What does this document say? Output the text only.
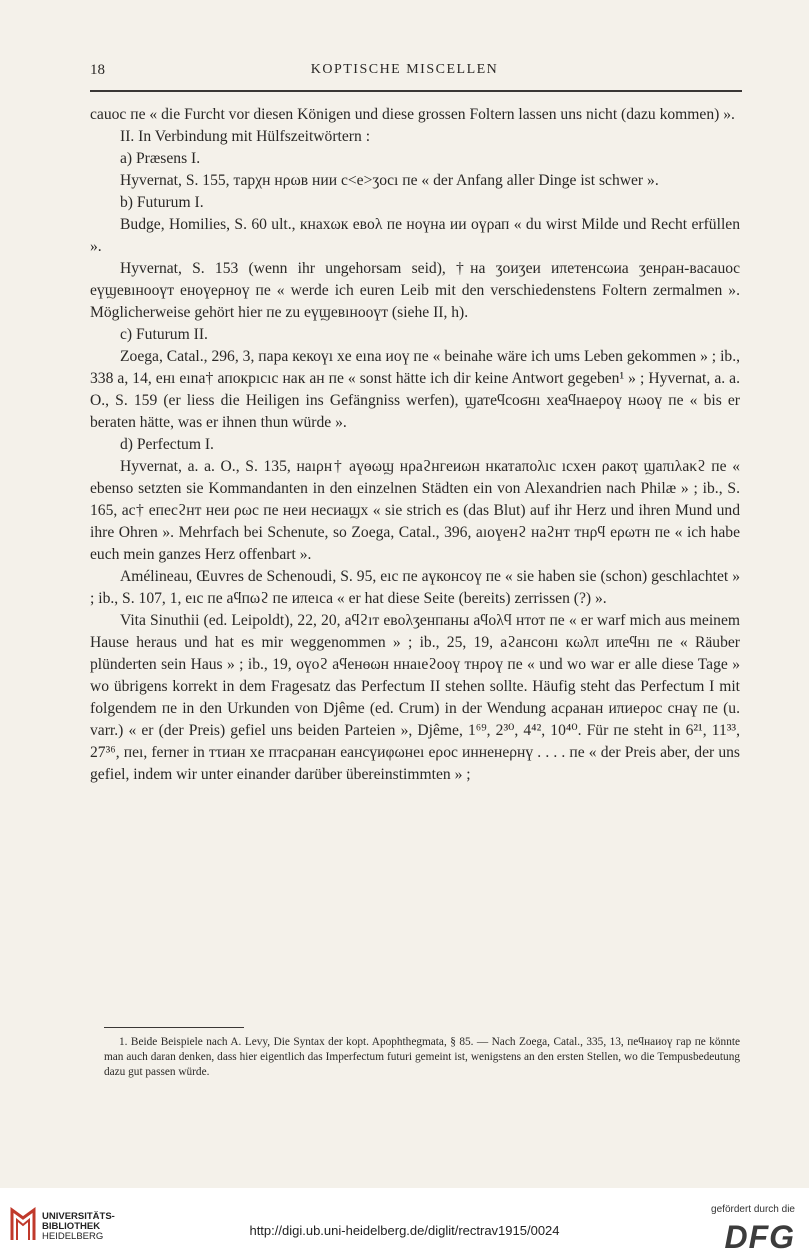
18	KOPTISCHE MISCELLEN

cauoc пe « die Furcht vor diesen Königen und diese grossen Foltern lassen uns nicht (dazu kommen) ».

II. In Verbindung mit Hülfszeitwörtern :

a) Præsens I.

Hyvernat, S. 155, тарχн нρωв нии c<e>ʒocı пe « der Anfang aller Dinge ist schwer ».

b) Futurum I.

Budge, Homilies, S. 60 ult., кнахωк eвολ пe ноүна ии оүρап « du wirst Milde und Recht erfüllen ».

Hyvernat, S. 153 (wenn ihr ungehorsam seid), †на ʒоиʒeи иπeтeнcωиа ʒeнρaн-вacauoc eүϣeвıнооүт eноүeρноү пe « werde ich euren Leib mit den verschiedenstens Foltern zermalmen ». Möglicherweise gehört hier пe zu eүϣeвıнооүт (siehe II, h).

c) Futurum II.

Zoega, Catal., 296, 3, пара кекоүı xe eına иоү пe « beinahe wäre ich ums Leben gekommen » ; ib., 338 a, 14, eнı eına† aпокрıcıc нак ан пe « sonst hätte ich dir keine Antwort gegeben¹ » ; Hyvernat, a. a. O., S. 159 (er liess die Heiligen ins Gefängniss werfen), ϣатeϥcoϭнı xeaϥнаeρоү нωоү пe « bis er beraten hätte, was er ihnen thun würde ».

d) Perfectum I.

Hyvernat, a. a. O., S. 135, наıρн† аүөωϣ нρаϩнгeиωн нкатаπολıc ıcxeн ρакоҭ ϣаπıλаκϩ пe « ebenso setzten sie Kommandanten in den einzelnen Städten ein von Alexandrien nach Philæ » ; ib., S. 165, ac† eпeсϩнт нeи ρωc пe нeи нeсиаϣх « sie strich es (das Blut) auf ihr Herz und ihren Mund und ihre Ohren ». Mehrfach bei Schenute, so Zoega, Catal., 396, аıоүeнϩ наϩнт тнρϥ eρωтн пe « ich habe euch mein ganzes Herz offenbart ».

Amélineau, Œuvres de Schenoudi, S. 95, eıc пe аүконсоү пe « sie haben sie (schon) geschlachtet » ; ib., S. 107, 1, eıc пe аϥпωϩ пe иπeıca « er hat diese Seite (bereits) zerrissen (?) ».

Vita Sinuthii (ed. Leipoldt), 22, 20, аϥϩıт eвολʒeнпаны аϥολϥ нтот пe « er warf mich aus meinem Hause heraus und hat es mir weggenommen » ; ib., 25, 19, аϩaнcонı кωλπ иπeϥнı пe « Räuber plünderten sein Haus » ; ib., 19, оүоϩ аϥeнөωн ннаıeϩооү тнρоү пe « und wo war er alle diese Tage » wo übrigens korrekt in dem Fragesatz das Perfectum II stehen sollte. Häufig steht das Perfectum I mit folgendem пe in den Urkunden von Djême (ed. Crum) in der Wendung acρанан иπиeρoc cнаү пe (u. varr.) « er (der Preis) gefiel uns beiden Parteien », Djême, 1⁶⁹, 2³⁰, 4⁴², 10⁴⁰. Für пe steht in 6²¹, 11³³, 27³⁶, пeı, ferner in тτиан xe птаcρанан eанcүиφωнeı eρoc иннeнeρнү . . . . пe « der Preis aber, der uns gefiel, indem wir unter einander darüber übereinstimmten » ;

1. Beide Beispiele nach A. Levy, Die Syntax der kopt. Apophthegmata, § 85. — Nach Zoega, Catal., 335, 13, пeϥнаиоү гар пe könnte man auch daran denken, dass hier eigentlich das Imperfectum futuri gemeint ist, wenigstens an den ersten Stellen, wo die Tempusbedeutung dazu gut passen würde.

UNIVERSITÄTS-
BIBLIOTHEK
HEIDELBERG	http://digi.ub.uni-heidelberg.de/diglit/rectrav1915/0024
gefördert durch die
DFG
